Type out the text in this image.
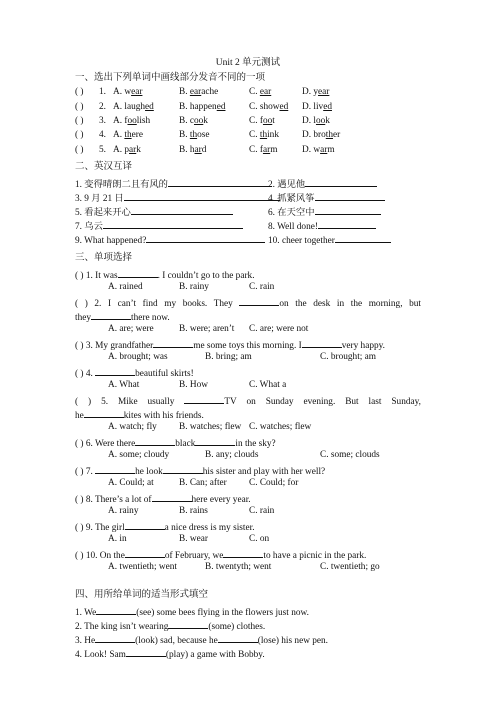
Unit 2 单元测试
一、选出下列单词中画线部分发音不同的一项
( ) 1. A. wear	B. earache	C. ear	D. year
( ) 2. A. laughed	B. happened	C. showed D. lived
( ) 3. A. foolish	B. cook	C. foot	D. look
( ) 4. A. there	B. those	C. think D. brother
( ) 5. A. park	B. hard	C. farm	D. warm
二、英汉互译
1. 变得晴朗二且有风的	2. 遇见他
3. 9 月 21 日	4. 抓紧风筝
5. 看起来开心	6. 在天空中
7. 乌云	8. Well done!
9. What happened?	10. cheer together
三、单项选择
( ) 1. It was	. I couldn’t go to the park.
A. rained	B. rainy	C. rain
( ) 2. I can’t find my books. They	on the desk in the morning, but
they	there now.
A. are; were	B. were; aren’t C. are; were not
( ) 3. My grandfather	me some toys this morning. I	very happy.
A. brought; was	B. bring; am	C. brought; am
( ) 4.	beautiful skirts!
A. What	B. How	C. What a
( ) 5. Mike usually	TV on Sunday evening. But last Sunday,
he	kites with his friends.
A. watch; fly B. watches; flew C. watches; flew
( ) 6. Were there	black	in the sky?
A. some; cloudy	B. any; clouds	C. some; clouds
( ) 7.	he look	his sister and play with her well?
A. Could; at	B. Can; after C. Could; for
( ) 8. There’s a lot of	here every year.
A. rainy	B. rains	C. rain
( ) 9. The girl	a nice dress is my sister.
A. in	B. wear	C. on
( ) 10. On the	of February, we	to have a picnic in the park.
A. twentieth; went	B. twentyth; went	C. twentieth; go
四、用所给单词的适当形式填空
1. We	(see) some bees flying in the flowers just now.
2. The king isn’t wearing	(some) clothes.
3. He	(look) sad, because he	(lose) his new pen.
4. Look! Sam	(play) a game with Bobby.
